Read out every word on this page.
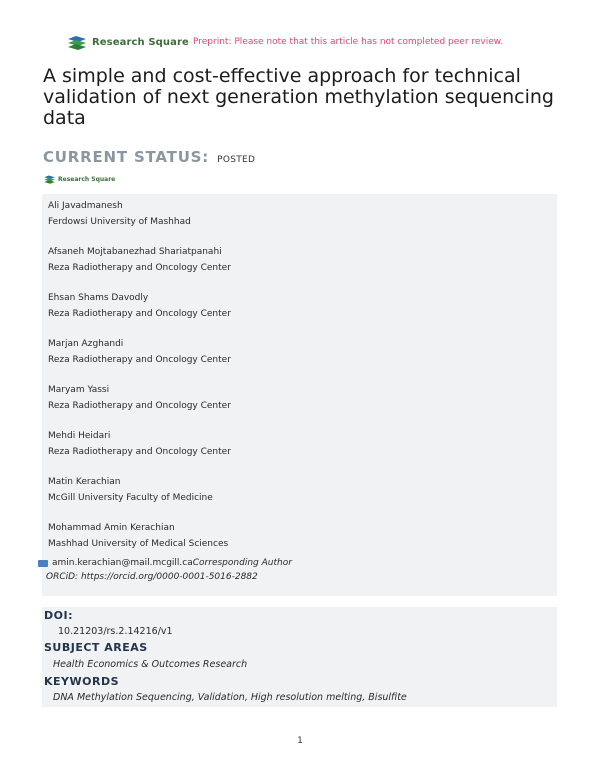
Research Square Preprint: Please note that this article has not completed peer review.
A simple and cost-effective approach for technical validation of next generation methylation sequencing data
CURRENT STATUS: POSTED
Research Square
Ali Javadmanesh
Ferdowsi University of Mashhad
Afsaneh Mojtabanezhad Shariatpanahi
Reza Radiotherapy and Oncology Center
Ehsan Shams Davodly
Reza Radiotherapy and Oncology Center
Marjan Azghandi
Reza Radiotherapy and Oncology Center
Maryam Yassi
Reza Radiotherapy and Oncology Center
Mehdi Heidari
Reza Radiotherapy and Oncology Center
Matin Kerachian
McGill University Faculty of Medicine
Mohammad Amin Kerachian
Mashhad University of Medical Sciences
amin.kerachian@mail.mcgill.ca Corresponding Author
ORCiD: https://orcid.org/0000-0001-5016-2882
DOI:
10.21203/rs.2.14216/v1
SUBJECT AREAS
Health Economics & Outcomes Research
KEYWORDS
DNA Methylation Sequencing, Validation, High resolution melting, Bisulfite
1
